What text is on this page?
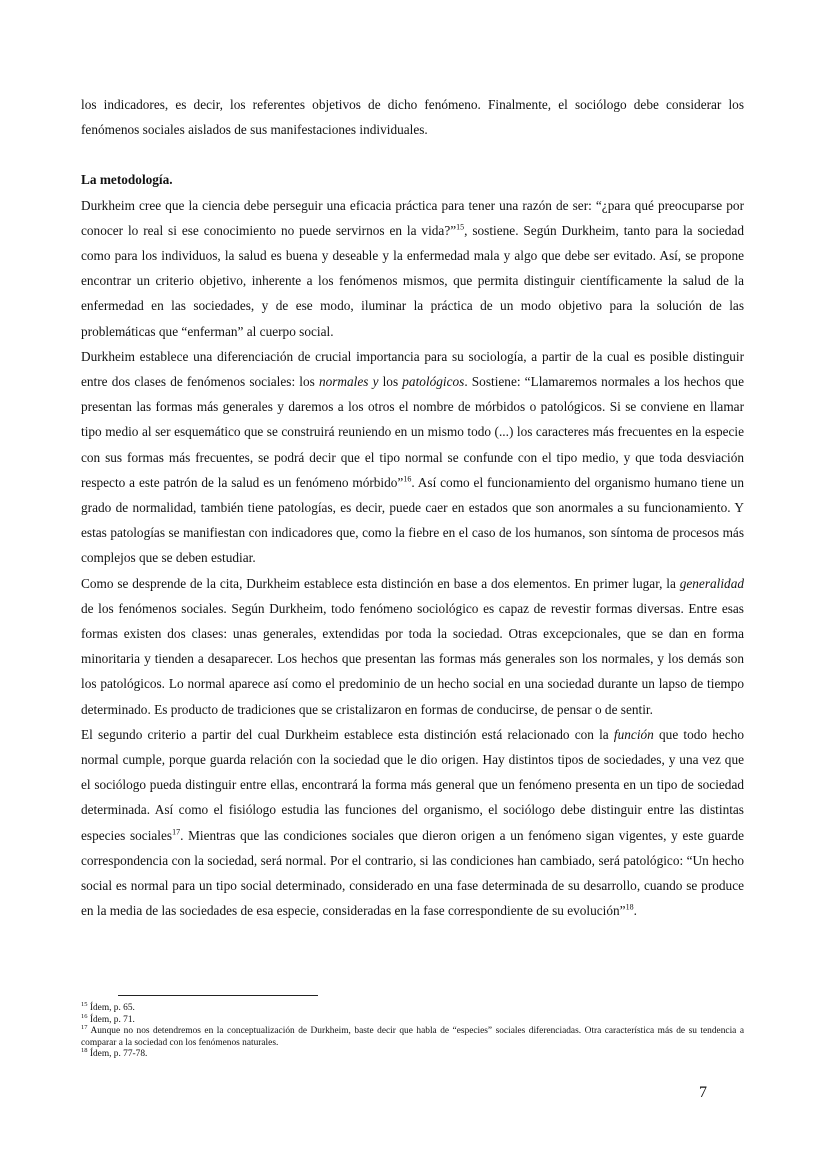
los indicadores, es decir, los referentes objetivos de dicho fenómeno. Finalmente, el sociólogo debe considerar los fenómenos sociales aislados de sus manifestaciones individuales.

La metodología.

Durkheim cree que la ciencia debe perseguir una eficacia práctica para tener una razón de ser: “¿para qué preocuparse por conocer lo real si ese conocimiento no puede servirnos en la vida?”$^{15}$, sostiene. Según Durkheim, tanto para la sociedad como para los individuos, la salud es buena y deseable y la enfermedad mala y algo que debe ser evitado. Así, se propone encontrar un criterio objetivo, inherente a los fenómenos mismos, que permita distinguir científicamente la salud de la enfermedad en las sociedades, y de ese modo, iluminar la práctica de un modo objetivo para la solución de las problemáticas que “enferman” al cuerpo social.

Durkheim establece una diferenciación de crucial importancia para su sociología, a partir de la cual es posible distinguir entre dos clases de fenómenos sociales: los normales y los patológicos. Sostiene: “Llamaremos normales a los hechos que presentan las formas más generales y daremos a los otros el nombre de mórbidos o patológicos. Si se conviene en llamar tipo medio al ser esquemático que se construirá reuniendo en un mismo todo (...) los caracteres más frecuentes en la especie con sus formas más frecuentes, se podrá decir que el tipo normal se confunde con el tipo medio, y que toda desviación respecto a este patrón de la salud es un fenómeno mórbido”$^{16}$. Así como el funcionamiento del organismo humano tiene un grado de normalidad, también tiene patologías, es decir, puede caer en estados que son anormales a su funcionamiento. Y estas patologías se manifiestan con indicadores que, como la fiebre en el caso de los humanos, son síntoma de procesos más complejos que se deben estudiar.

Como se desprende de la cita, Durkheim establece esta distinción en base a dos elementos. En primer lugar, la generalidad de los fenómenos sociales. Según Durkheim, todo fenómeno sociológico es capaz de revestir formas diversas. Entre esas formas existen dos clases: unas generales, extendidas por toda la sociedad. Otras excepcionales, que se dan en forma minoritaria y tienden a desaparecer. Los hechos que presentan las formas más generales son los normales, y los demás son los patológicos. Lo normal aparece así como el predominio de un hecho social en una sociedad durante un lapso de tiempo determinado. Es producto de tradiciones que se cristalizaron en formas de conducirse, de pensar o de sentir.

El segundo criterio a partir del cual Durkheim establece esta distinción está relacionado con la función que todo hecho normal cumple, porque guarda relación con la sociedad que le dio origen. Hay distintos tipos de sociedades, y una vez que el sociólogo pueda distinguir entre ellas, encontrará la forma más general que un fenómeno presenta en un tipo de sociedad determinada. Así como el fisiólogo estudia las funciones del organismo, el sociólogo debe distinguir entre las distintas especies sociales$^{17}$. Mientras que las condiciones sociales que dieron origen a un fenómeno sigan vigentes, y este guarde correspondencia con la sociedad, será normal. Por el contrario, si las condiciones han cambiado, será patológico: “Un hecho social es normal para un tipo social determinado, considerado en una fase determinada de su desarrollo, cuando se produce en la media de las sociedades de esa especie, consideradas en la fase correspondiente de su evolución”$^{18}$.

$^{15}$ Ídem, p. 65.
$^{16}$ Ídem, p. 71.
$^{17}$ Aunque no nos detendremos en la conceptualización de Durkheim, baste decir que habla de “especies” sociales diferenciadas. Otra característica más de su tendencia a comparar a la sociedad con los fenómenos naturales.
$^{18}$ Ídem, p. 77-78.
7
